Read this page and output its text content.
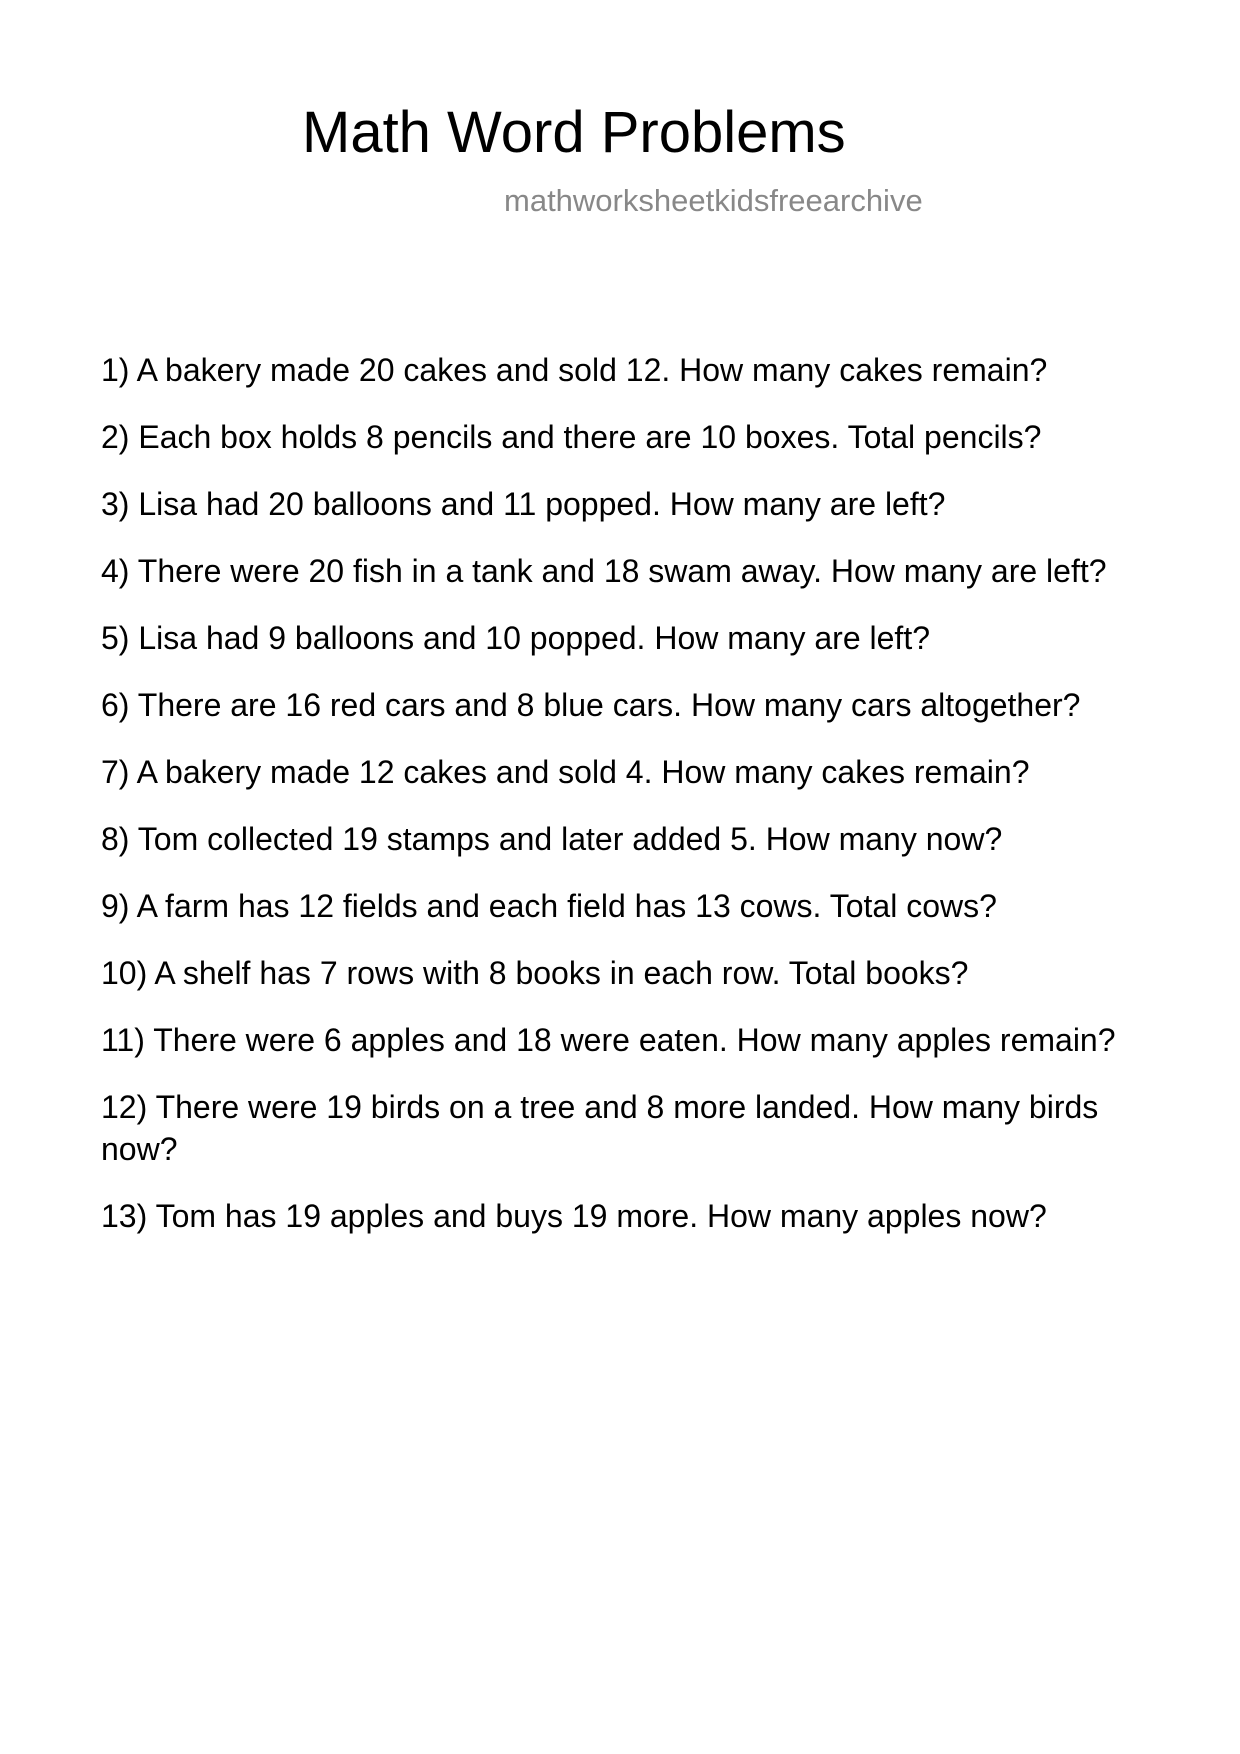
Math Word Problems
mathworksheetkidsfreearchive
1) A bakery made 20 cakes and sold 12. How many cakes remain?
2) Each box holds 8 pencils and there are 10 boxes. Total pencils?
3) Lisa had 20 balloons and 11 popped. How many are left?
4) There were 20 fish in a tank and 18 swam away. How many are left?
5) Lisa had 9 balloons and 10 popped. How many are left?
6) There are 16 red cars and 8 blue cars. How many cars altogether?
7) A bakery made 12 cakes and sold 4. How many cakes remain?
8) Tom collected 19 stamps and later added 5. How many now?
9) A farm has 12 fields and each field has 13 cows. Total cows?
10) A shelf has 7 rows with 8 books in each row. Total books?
11) There were 6 apples and 18 were eaten. How many apples remain?
12) There were 19 birds on a tree and 8 more landed. How many birds now?
13) Tom has 19 apples and buys 19 more. How many apples now?
